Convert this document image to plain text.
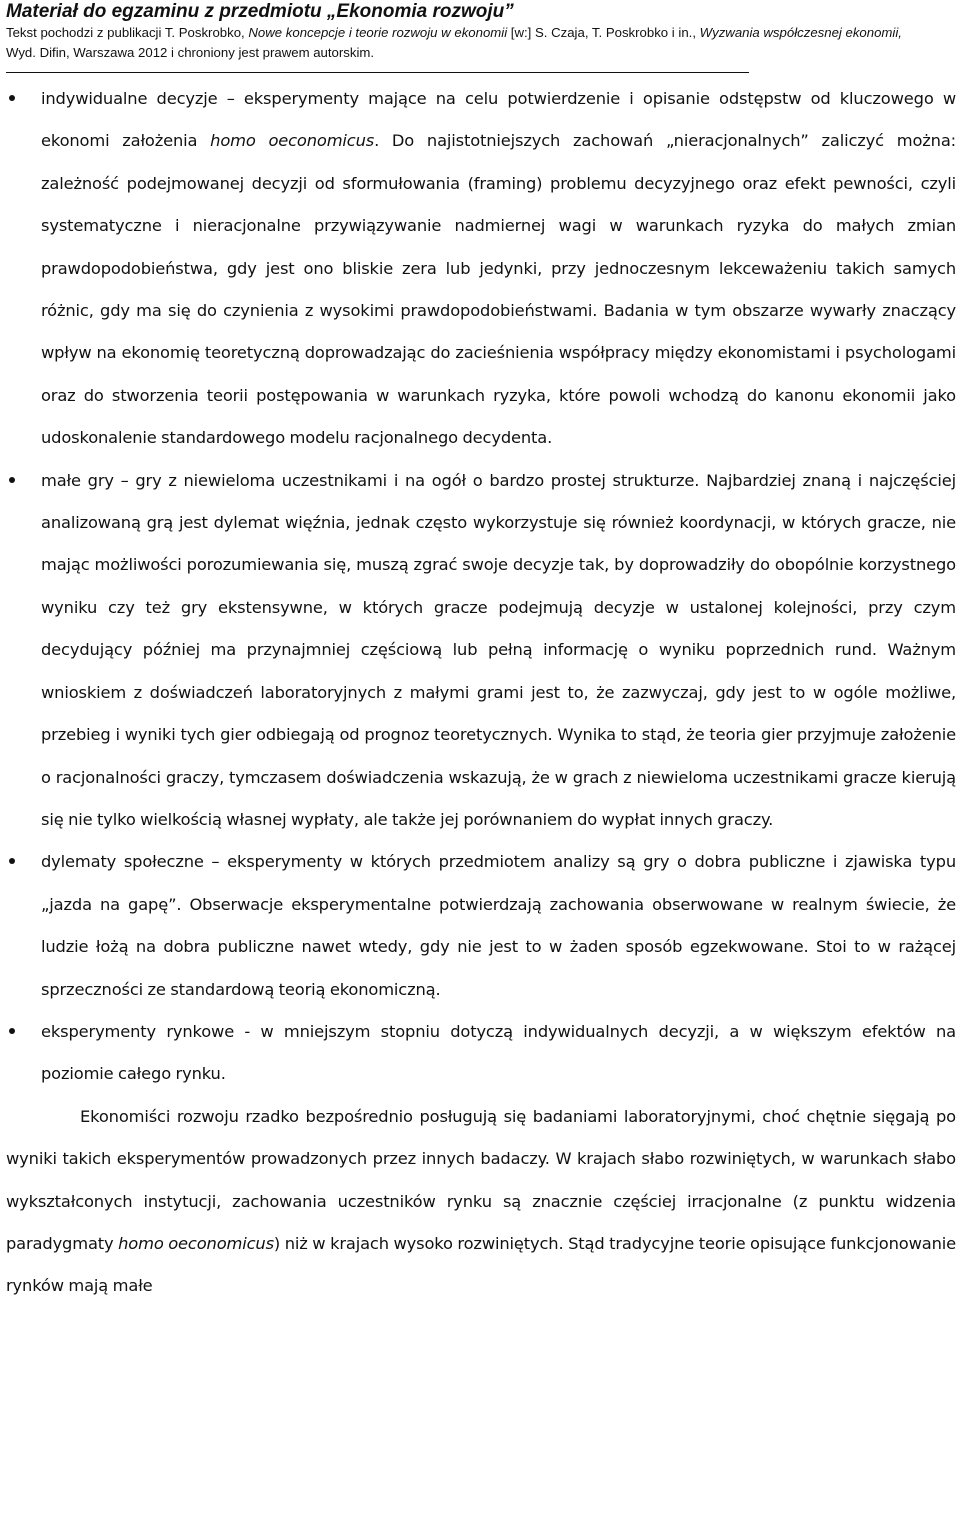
Materiał do egzaminu z przedmiotu „Ekonomia rozwoju”

Tekst pochodzi z publikacji T. Poskrobko, Nowe koncepcje i teorie rozwoju w ekonomii [w:] S. Czaja, T. Poskrobko i in., Wyzwania współczesnej ekonomii,

Wyd. Difin, Warszawa 2012 i chroniony jest prawem autorskim.

indywidualne decyzje – eksperymenty mające na celu potwierdzenie i opisanie odstępstw od kluczowego w ekonomi założenia homo oeconomicus. Do najistotniejszych zachowań „nieracjonalnych” zaliczyć można: zależność podejmowanej decyzji od sformułowania (framing) problemu decyzyjnego oraz efekt pewności, czyli systematyczne i nieracjonalne przywiązywanie nadmiernej wagi w warunkach ryzyka do małych zmian prawdopodobieństwa, gdy jest ono bliskie zera lub jedynki, przy jednoczesnym lekceważeniu takich samych różnic, gdy ma się do czynienia z wysokimi prawdopodobieństwami. Badania w tym obszarze wywarły znaczący wpływ na ekonomię teoretyczną doprowadzając do zacieśnienia współpracy między ekonomistami i psychologami oraz do stworzenia teorii postępowania w warunkach ryzyka, które powoli wchodzą do kanonu ekonomii jako udoskonalenie standardowego modelu racjonalnego decydenta.

małe gry – gry z niewieloma uczestnikami i na ogół o bardzo prostej strukturze. Najbardziej znaną i najczęściej analizowaną grą jest dylemat więźnia, jednak często wykorzystuje się również koordynacji, w których gracze, nie mając możliwości porozumiewania się, muszą zgrać swoje decyzje tak, by doprowadziły do obopólnie korzystnego wyniku czy też gry ekstensywne, w których gracze podejmują decyzje w ustalonej kolejności, przy czym decydujący później ma przynajmniej częściową lub pełną informację o wyniku poprzednich rund. Ważnym wnioskiem z doświadczeń laboratoryjnych z małymi grami jest to, że zazwyczaj, gdy jest to w ogóle możliwe, przebieg i wyniki tych gier odbiegają od prognoz teoretycznych. Wynika to stąd, że teoria gier przyjmuje założenie o racjonalności graczy, tymczasem doświadczenia wskazują, że w grach z niewieloma uczestnikami gracze kierują się nie tylko wielkością własnej wypłaty, ale także jej porównaniem do wypłat innych graczy.

dylematy społeczne – eksperymenty w których przedmiotem analizy są gry o dobra publiczne i zjawiska typu „jazda na gapę”. Obserwacje eksperymentalne potwierdzają zachowania obserwowane w realnym świecie, że ludzie łożą na dobra publiczne nawet wtedy, gdy nie jest to w żaden sposób egzekwowane. Stoi to w rażącej sprzeczności ze standardową teorią ekonomiczną.

eksperymenty rynkowe - w mniejszym stopniu dotyczą indywidualnych decyzji, a w większym efektów na poziomie całego rynku.

Ekonomiści rozwoju rzadko bezpośrednio posługują się badaniami laboratoryjnymi, choć chętnie sięgają po wyniki takich eksperymentów prowadzonych przez innych badaczy. W krajach słabo rozwiniętych, w warunkach słabo wykształconych instytucji, zachowania uczestników rynku są znacznie częściej irracjonalne (z punktu widzenia paradygmaty homo oeconomicus) niż w krajach wysoko rozwiniętych. Stąd tradycyjne teorie opisujące funkcjonowanie rynków mają małe
